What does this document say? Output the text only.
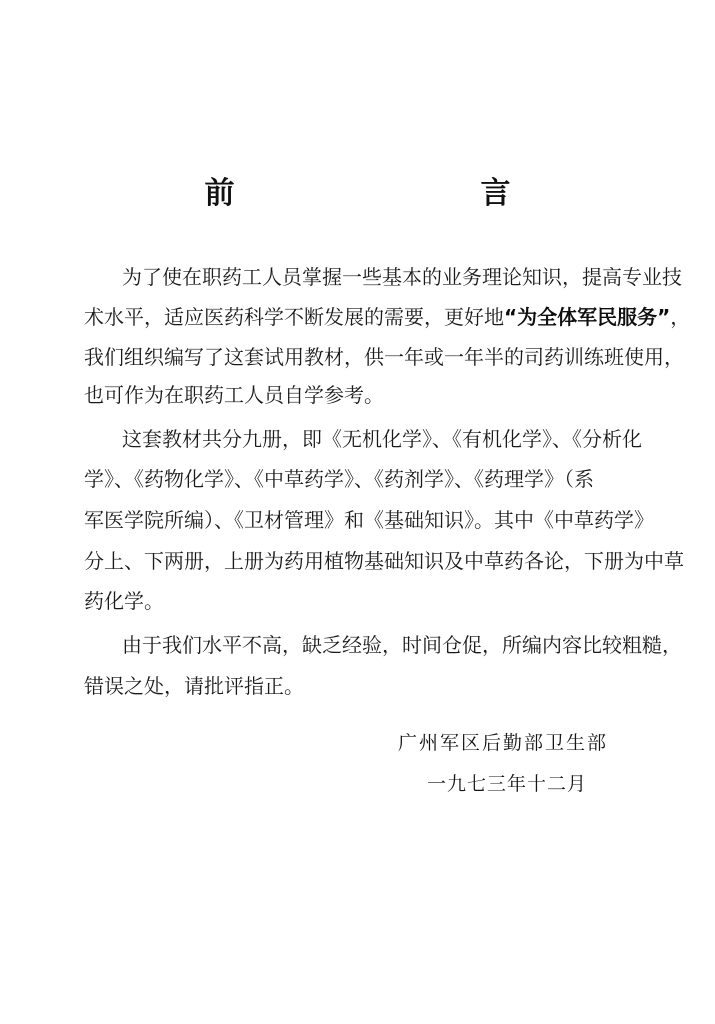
前　　言
为了使在职药工人员掌握一些基本的业务理论知识，提高专业技
术水平，适应医药科学不断发展的需要，更好地“为全体军民服务”，
我们组织编写了这套试用教材，供一年或一年半的司药训练班使用，
也可作为在职药工人员自学参考。
这套教材共分九册，即《无机化学》、《有机化学》、《分析化
学》、《药物化学》、《中草药学》、《药剂学》、《药理学》（系
军医学院所编）、《卫材管理》和《基础知识》。其中《中草药学》
分上、下两册，上册为药用植物基础知识及中草药各论，下册为中草
药化学。
由于我们水平不高，缺乏经验，时间仓促，所编内容比较粗糙，
错误之处，请批评指正。
广州军区后勤部卫生部
一九七三年十二月
